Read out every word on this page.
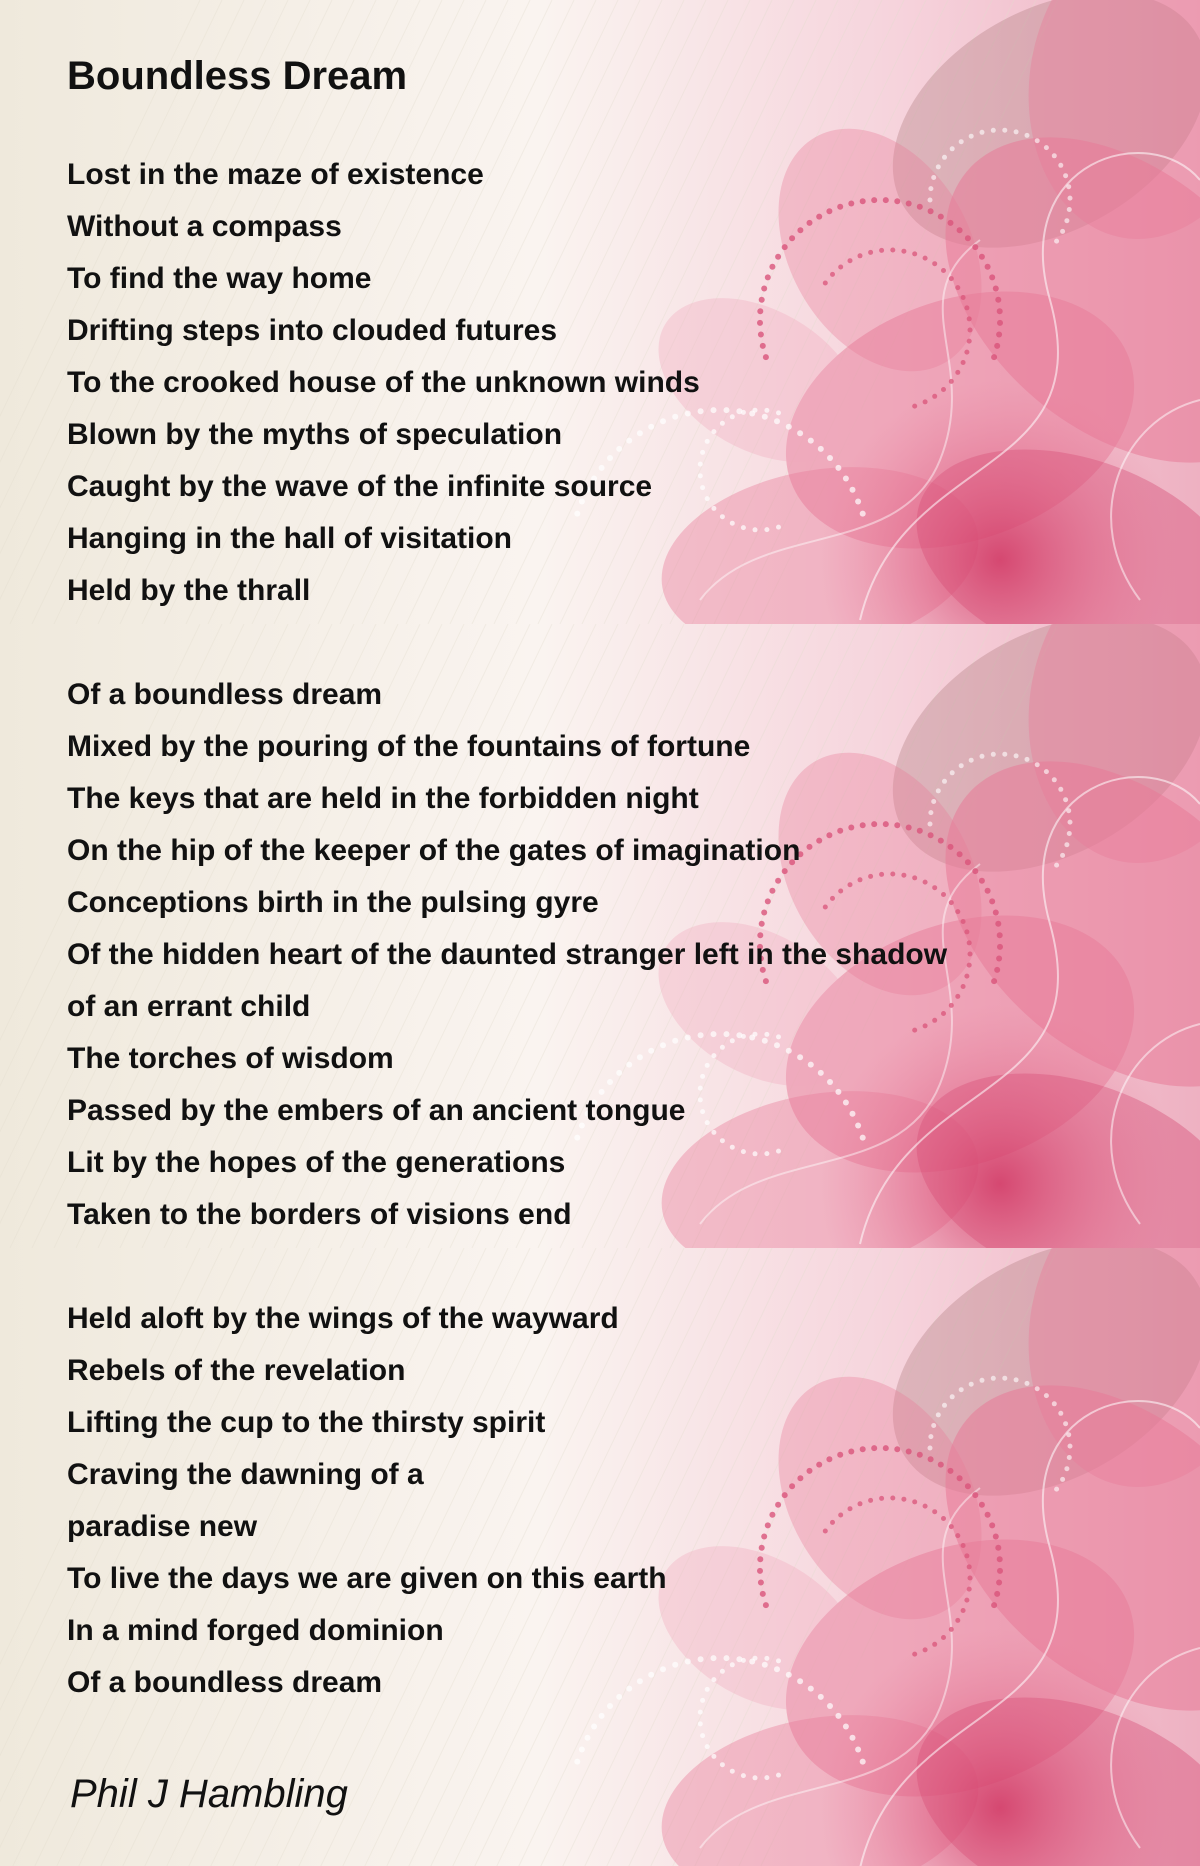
Boundless Dream
Lost in the maze of existence
Without a compass
To find the way home
Drifting steps into clouded futures
To the crooked house of the unknown winds
Blown by the myths of speculation
Caught by the wave of the infinite source
Hanging in the hall of visitation
Held by the thrall
Of a boundless dream
Mixed by the pouring of the fountains of fortune
The keys that are held in the forbidden night
On the hip of the keeper of the gates of imagination
Conceptions birth in the pulsing gyre
Of the hidden heart of the daunted stranger left in the shadow
of an errant child
The torches of wisdom
Passed by the embers of an ancient tongue
Lit by the hopes of the generations
Taken to the borders of visions end
Held aloft by the wings of the wayward
Rebels of the revelation
Lifting the cup to the thirsty spirit
Craving the dawning of a
paradise new
To live the days we are given on this earth
In a mind forged dominion
Of a boundless dream
Phil J Hambling
